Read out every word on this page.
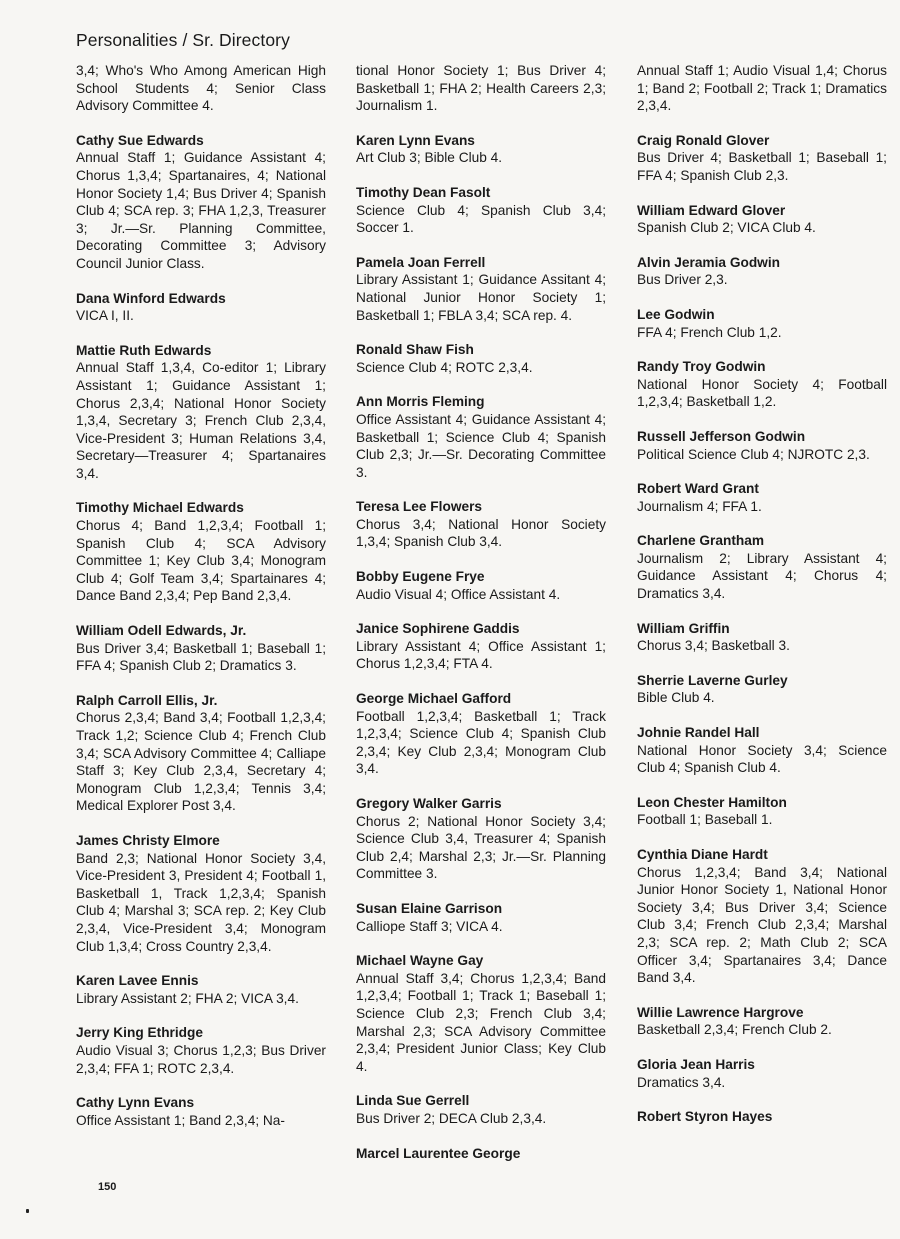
Personalities / Sr. Directory
3,4; Who's Who Among American High School Students 4; Senior Class Advisory Committee 4.
Cathy Sue Edwards
Annual Staff 1; Guidance Assistant 4; Chorus 1,3,4; Spartanaires, 4; National Honor Society 1,4; Bus Driver 4; Spanish Club 4; SCA rep. 3; FHA 1,2,3, Treasurer 3; Jr.—Sr. Planning Committee, Decorating Committee 3; Advisory Council Junior Class.
Dana Winford Edwards
VICA I, II.
Mattie Ruth Edwards
Annual Staff 1,3,4, Co-editor 1; Library Assistant 1; Guidance Assistant 1; Chorus 2,3,4; National Honor Society 1,3,4, Secretary 3; French Club 2,3,4, Vice-President 3; Human Relations 3,4, Secretary—Treasurer 4; Spartanaires 3,4.
Timothy Michael Edwards
Chorus 4; Band 1,2,3,4; Football 1; Spanish Club 4; SCA Advisory Committee 1; Key Club 3,4; Monogram Club 4; Golf Team 3,4; Spartainares 4; Dance Band 2,3,4; Pep Band 2,3,4.
William Odell Edwards, Jr.
Bus Driver 3,4; Basketball 1; Baseball 1; FFA 4; Spanish Club 2; Dramatics 3.
Ralph Carroll Ellis, Jr.
Chorus 2,3,4; Band 3,4; Football 1,2,3,4; Track 1,2; Science Club 4; French Club 3,4; SCA Advisory Committee 4; Calliape Staff 3; Key Club 2,3,4, Secretary 4; Monogram Club 1,2,3,4; Tennis 3,4; Medical Explorer Post 3,4.
James Christy Elmore
Band 2,3; National Honor Society 3,4, Vice-President 3, President 4; Football 1, Basketball 1, Track 1,2,3,4; Spanish Club 4; Marshal 3; SCA rep. 2; Key Club 2,3,4, Vice-President 3,4; Monogram Club 1,3,4; Cross Country 2,3,4.
Karen Lavee Ennis
Library Assistant 2; FHA 2; VICA 3,4.
Jerry King Ethridge
Audio Visual 3; Chorus 1,2,3; Bus Driver 2,3,4; FFA 1; ROTC 2,3,4.
Cathy Lynn Evans
Office Assistant 1; Band 2,3,4; Na-
tional Honor Society 1; Bus Driver 4; Basketball 1; FHA 2; Health Careers 2,3; Journalism 1.
Karen Lynn Evans
Art Club 3; Bible Club 4.
Timothy Dean Fasolt
Science Club 4; Spanish Club 3,4; Soccer 1.
Pamela Joan Ferrell
Library Assistant 1; Guidance Assitant 4; National Junior Honor Society 1; Basketball 1; FBLA 3,4; SCA rep. 4.
Ronald Shaw Fish
Science Club 4; ROTC 2,3,4.
Ann Morris Fleming
Office Assistant 4; Guidance Assistant 4; Basketball 1; Science Club 4; Spanish Club 2,3; Jr.—Sr. Decorating Committee 3.
Teresa Lee Flowers
Chorus 3,4; National Honor Society 1,3,4; Spanish Club 3,4.
Bobby Eugene Frye
Audio Visual 4; Office Assistant 4.
Janice Sophirene Gaddis
Library Assistant 4; Office Assistant 1; Chorus 1,2,3,4; FTA 4.
George Michael Gafford
Football 1,2,3,4; Basketball 1; Track 1,2,3,4; Science Club 4; Spanish Club 2,3,4; Key Club 2,3,4; Monogram Club 3,4.
Gregory Walker Garris
Chorus 2; National Honor Society 3,4; Science Club 3,4, Treasurer 4; Spanish Club 2,4; Marshal 2,3; Jr.—Sr. Planning Committee 3.
Susan Elaine Garrison
Calliope Staff 3; VICA 4.
Michael Wayne Gay
Annual Staff 3,4; Chorus 1,2,3,4; Band 1,2,3,4; Football 1; Track 1; Baseball 1; Science Club 2,3; French Club 3,4; Marshal 2,3; SCA Advisory Committee 2,3,4; President Junior Class; Key Club 4.
Linda Sue Gerrell
Bus Driver 2; DECA Club 2,3,4.
Marcel Laurentee George
Annual Staff 1; Audio Visual 1,4; Chorus 1; Band 2; Football 2; Track 1; Dramatics 2,3,4.
Craig Ronald Glover
Bus Driver 4; Basketball 1; Baseball 1; FFA 4; Spanish Club 2,3.
William Edward Glover
Spanish Club 2; VICA Club 4.
Alvin Jeramia Godwin
Bus Driver 2,3.
Lee Godwin
FFA 4; French Club 1,2.
Randy Troy Godwin
National Honor Society 4; Football 1,2,3,4; Basketball 1,2.
Russell Jefferson Godwin
Political Science Club 4; NJROTC 2,3.
Robert Ward Grant
Journalism 4; FFA 1.
Charlene Grantham
Journalism 2; Library Assistant 4; Guidance Assistant 4; Chorus 4; Dramatics 3,4.
William Griffin
Chorus 3,4; Basketball 3.
Sherrie Laverne Gurley
Bible Club 4.
Johnie Randel Hall
National Honor Society 3,4; Science Club 4; Spanish Club 4.
Leon Chester Hamilton
Football 1; Baseball 1.
Cynthia Diane Hardt
Chorus 1,2,3,4; Band 3,4; National Junior Honor Society 1, National Honor Society 3,4; Bus Driver 3,4; Science Club 3,4; French Club 2,3,4; Marshal 2,3; SCA rep. 2; Math Club 2; SCA Officer 3,4; Spartanaires 3,4; Dance Band 3,4.
Willie Lawrence Hargrove
Basketball 2,3,4; French Club 2.
Gloria Jean Harris
Dramatics 3,4.
Robert Styron Hayes
150
